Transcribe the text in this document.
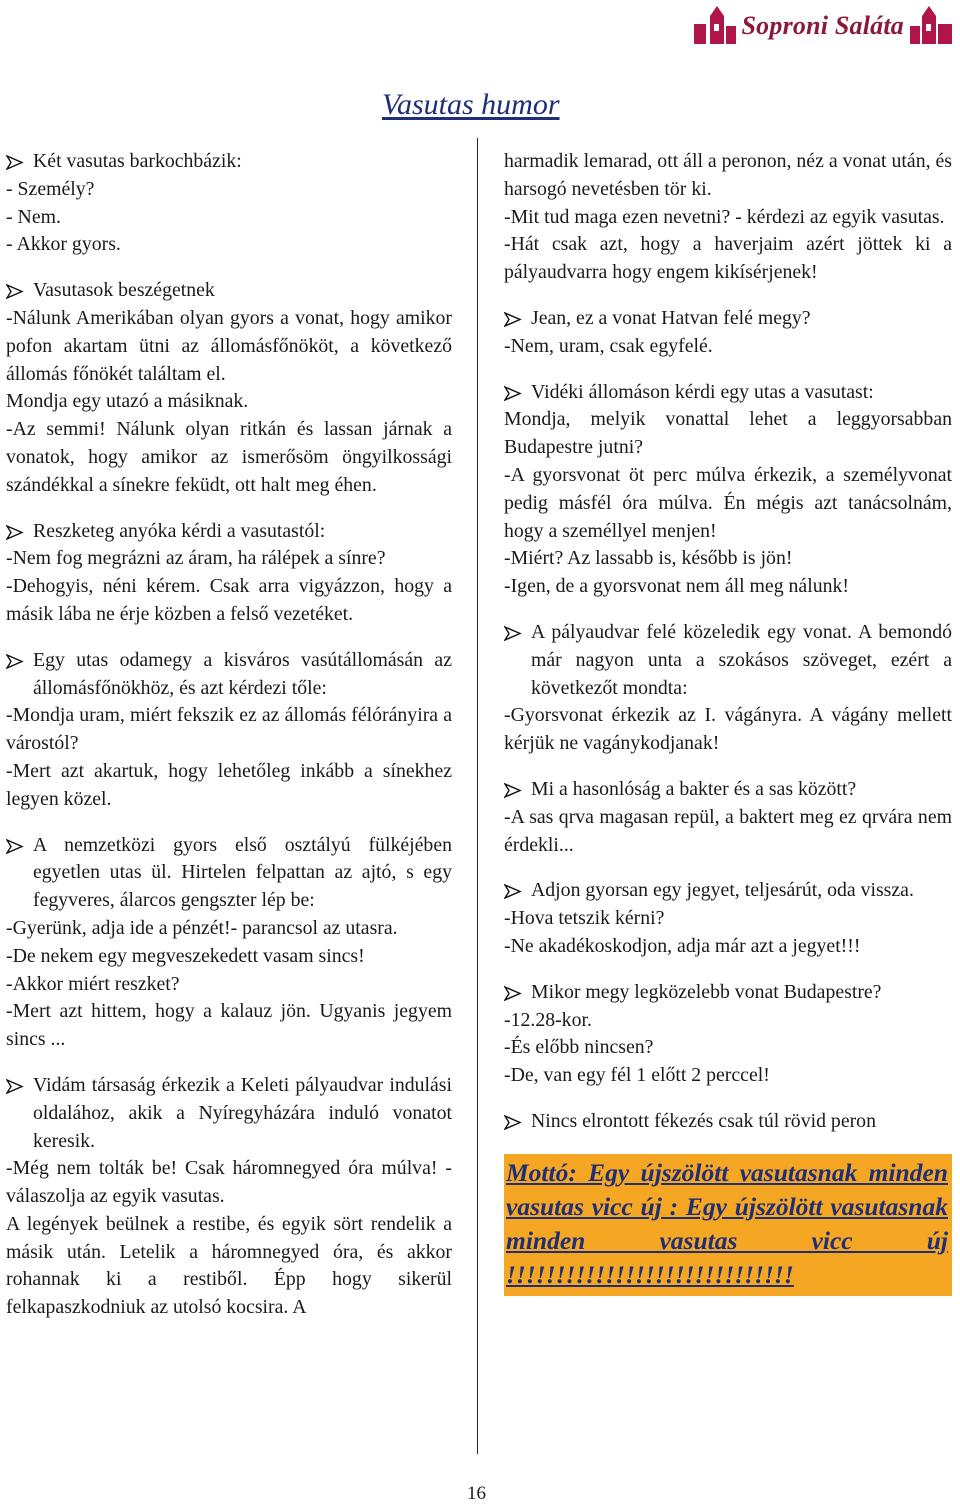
Soproni Saláta
Vasutas humor

Két vasutas barkochbázik:

- Személy?

- Nem.

- Akkor gyors.

Vasutasok beszégetnek

-Nálunk Amerikában olyan gyors a vonat, hogy amikor pofon akartam ütni az állomásfőnököt, a következő állomás főnökét találtam el.

Mondja egy utazó a másiknak.

-Az semmi! Nálunk olyan ritkán és lassan járnak a vonatok, hogy amikor az ismerősöm öngyilkossági szándékkal a sínekre feküdt, ott halt meg éhen.

Reszketeg anyóka kérdi a vasutastól:

-Nem fog megrázni az áram, ha rálépek a sínre?

-Dehogyis, néni kérem. Csak arra vigyázzon, hogy a másik lába ne érje közben a felső vezetéket.

Egy utas odamegy a kisváros vasútállomásán az állomásfőnökhöz, és azt kérdezi tőle:

-Mondja uram, miért fekszik ez az állomás félórányira a várostól?

-Mert azt akartuk, hogy lehetőleg inkább a sínekhez legyen közel.

A nemzetközi gyors első osztályú fülkéjében egyetlen utas ül. Hirtelen felpattan az ajtó, s egy fegyveres, álarcos gengszter lép be:

-Gyerünk, adja ide a pénzét!- parancsol az utasra.

-De nekem egy megveszekedett vasam sincs!

-Akkor miért reszket?

-Mert azt hittem, hogy a kalauz jön. Ugyanis jegyem sincs ...

Vidám társaság érkezik a Keleti pályaudvar indulási oldalához, akik a Nyíregyházára induló vonatot keresik.

-Még nem tolták be! Csak háromnegyed óra múlva! - válaszolja az egyik vasutas.

A legények beülnek a restibe, és egyik sört rendelik a másik után. Letelik a háromnegyed óra, és akkor rohannak ki a restiből. Épp hogy sikerül felkapaszkodniuk az utolsó kocsira. A

harmadik lemarad, ott áll a peronon, néz a vonat után, és harsogó nevetésben tör ki.

-Mit tud maga ezen nevetni? - kérdezi az egyik vasutas.

-Hát csak azt, hogy a haverjaim azért jöttek ki a pályaudvarra hogy engem kikísérjenek!

Jean, ez a vonat Hatvan felé megy?

-Nem, uram, csak egyfelé.

Vidéki állomáson kérdi egy utas a vasutast:

Mondja, melyik vonattal lehet a leggyorsabban Budapestre jutni?

-A gyorsvonat öt perc múlva érkezik, a személyvonat pedig másfél óra múlva. Én mégis azt tanácsolnám, hogy a személlyel menjen!

-Miért? Az lassabb is, később is jön!

-Igen, de a gyorsvonat nem áll meg nálunk!

A pályaudvar felé közeledik egy vonat. A bemondó már nagyon unta a szokásos szöveget, ezért a következőt mondta:

-Gyorsvonat érkezik az I. vágányra. A vágány mellett kérjük ne vagánykodjanak!

Mi a hasonlóság a bakter és a sas között?

-A sas qrva magasan repül, a baktert meg ez qrvára nem érdekli...

Adjon gyorsan egy jegyet, teljesárút, oda vissza.

-Hova tetszik kérni?

-Ne akadékoskodjon, adja már azt a jegyet!!!

Mikor megy legközelebb vonat Budapestre?

-12.28-kor.

-És előbb nincsen?

-De, van egy fél 1 előtt 2 perccel!

Nincs elrontott fékezés csak túl rövid peron

Mottó: Egy újszölött vasutasnak minden vasutas vicc új : Egy újszölött vasutasnak minden vasutas vicc új !!!!!!!!!!!!!!!!!!!!!!!!!!!!!
16
